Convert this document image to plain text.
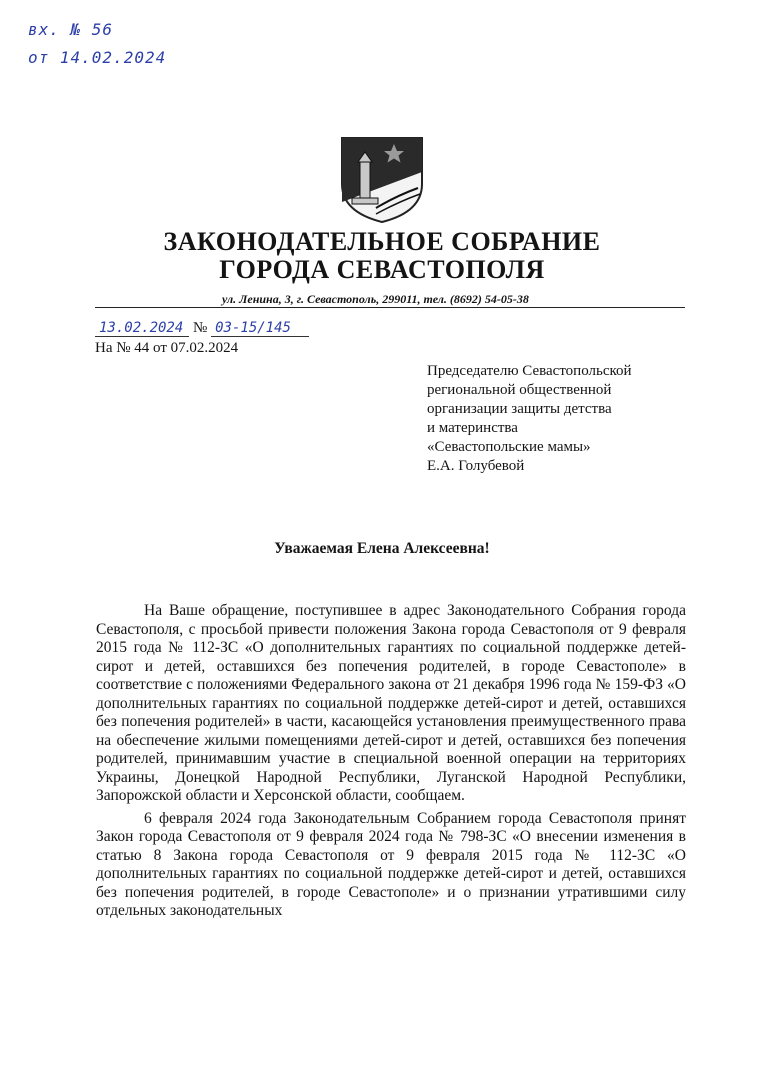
вх. № 56
от 14.02.2024
ЗАКОНОДАТЕЛЬНОЕ СОБРАНИЕ
ГОРОДА СЕВАСТОПОЛЯ
ул. Ленина, 3, г. Севастополь, 299011, тел. (8692) 54-05-38
13.02.2024 № 03-15/145
На № 44 от 07.02.2024
Председателю Севастопольской
региональной общественной
организации защиты детства
и материнства
«Севастопольские мамы»
Е.А. Голубевой
Уважаемая Елена Алексеевна!

На Ваше обращение, поступившее в адрес Законодательного Собрания города Севастополя, с просьбой привести положения Закона города Севастополя от 9 февраля 2015 года № 112-ЗС «О дополнительных гарантиях по социальной поддержке детей-сирот и детей, оставшихся без попечения родителей, в городе Севастополе» в соответствие с положениями Федерального закона от 21 декабря 1996 года № 159-ФЗ «О дополнительных гарантиях по социальной поддержке детей-сирот и детей, оставшихся без попечения родителей» в части, касающейся установления преимущественного права на обеспечение жилыми помещениями детей-сирот и детей, оставшихся без попечения родителей, принимавшим участие в специальной военной операции на территориях Украины, Донецкой Народной Республики, Луганской Народной Республики, Запорожской области и Херсонской области, сообщаем.

6 февраля 2024 года Законодательным Собранием города Севастополя принят Закон города Севастополя от 9 февраля 2024 года № 798-ЗС «О внесении изменения в статью 8 Закона города Севастополя от 9 февраля 2015 года № 112-ЗС «О дополнительных гарантиях по социальной поддержке детей-сирот и детей, оставшихся без попечения родителей, в городе Севастополе» и о признании утратившими силу отдельных законодательных
